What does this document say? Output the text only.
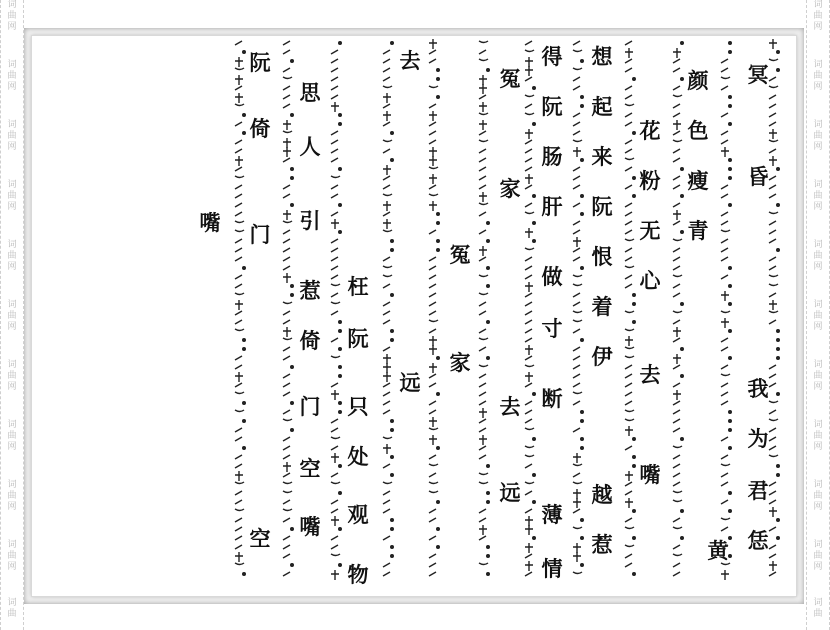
词
曲
网
词
曲
网
词
曲
网
词
曲
网
词
曲
网
词
曲
网
词
曲
网
词
曲
网
词
曲
网
词
曲
网
词
曲
词
曲
网
词
曲
网
词
曲
网
词
曲
网
词
曲
网
词
曲
网
词
曲
网
词
曲
网
词
曲
网
词
曲
网
词
曲
冥
昏
我
为
君
恁
黄
颜
色
瘦
青
花
粉
无
心
去
嘴
想
起
来
阮
恨
着
伊
越
惹
得
阮
肠
肝
做
寸
断
薄
情
冤
家
去
远
冤
家
去
远
枉
阮
只
处
观
物
思
人
引
惹
倚
门
空
嘴
阮
倚
门
空
嘴
